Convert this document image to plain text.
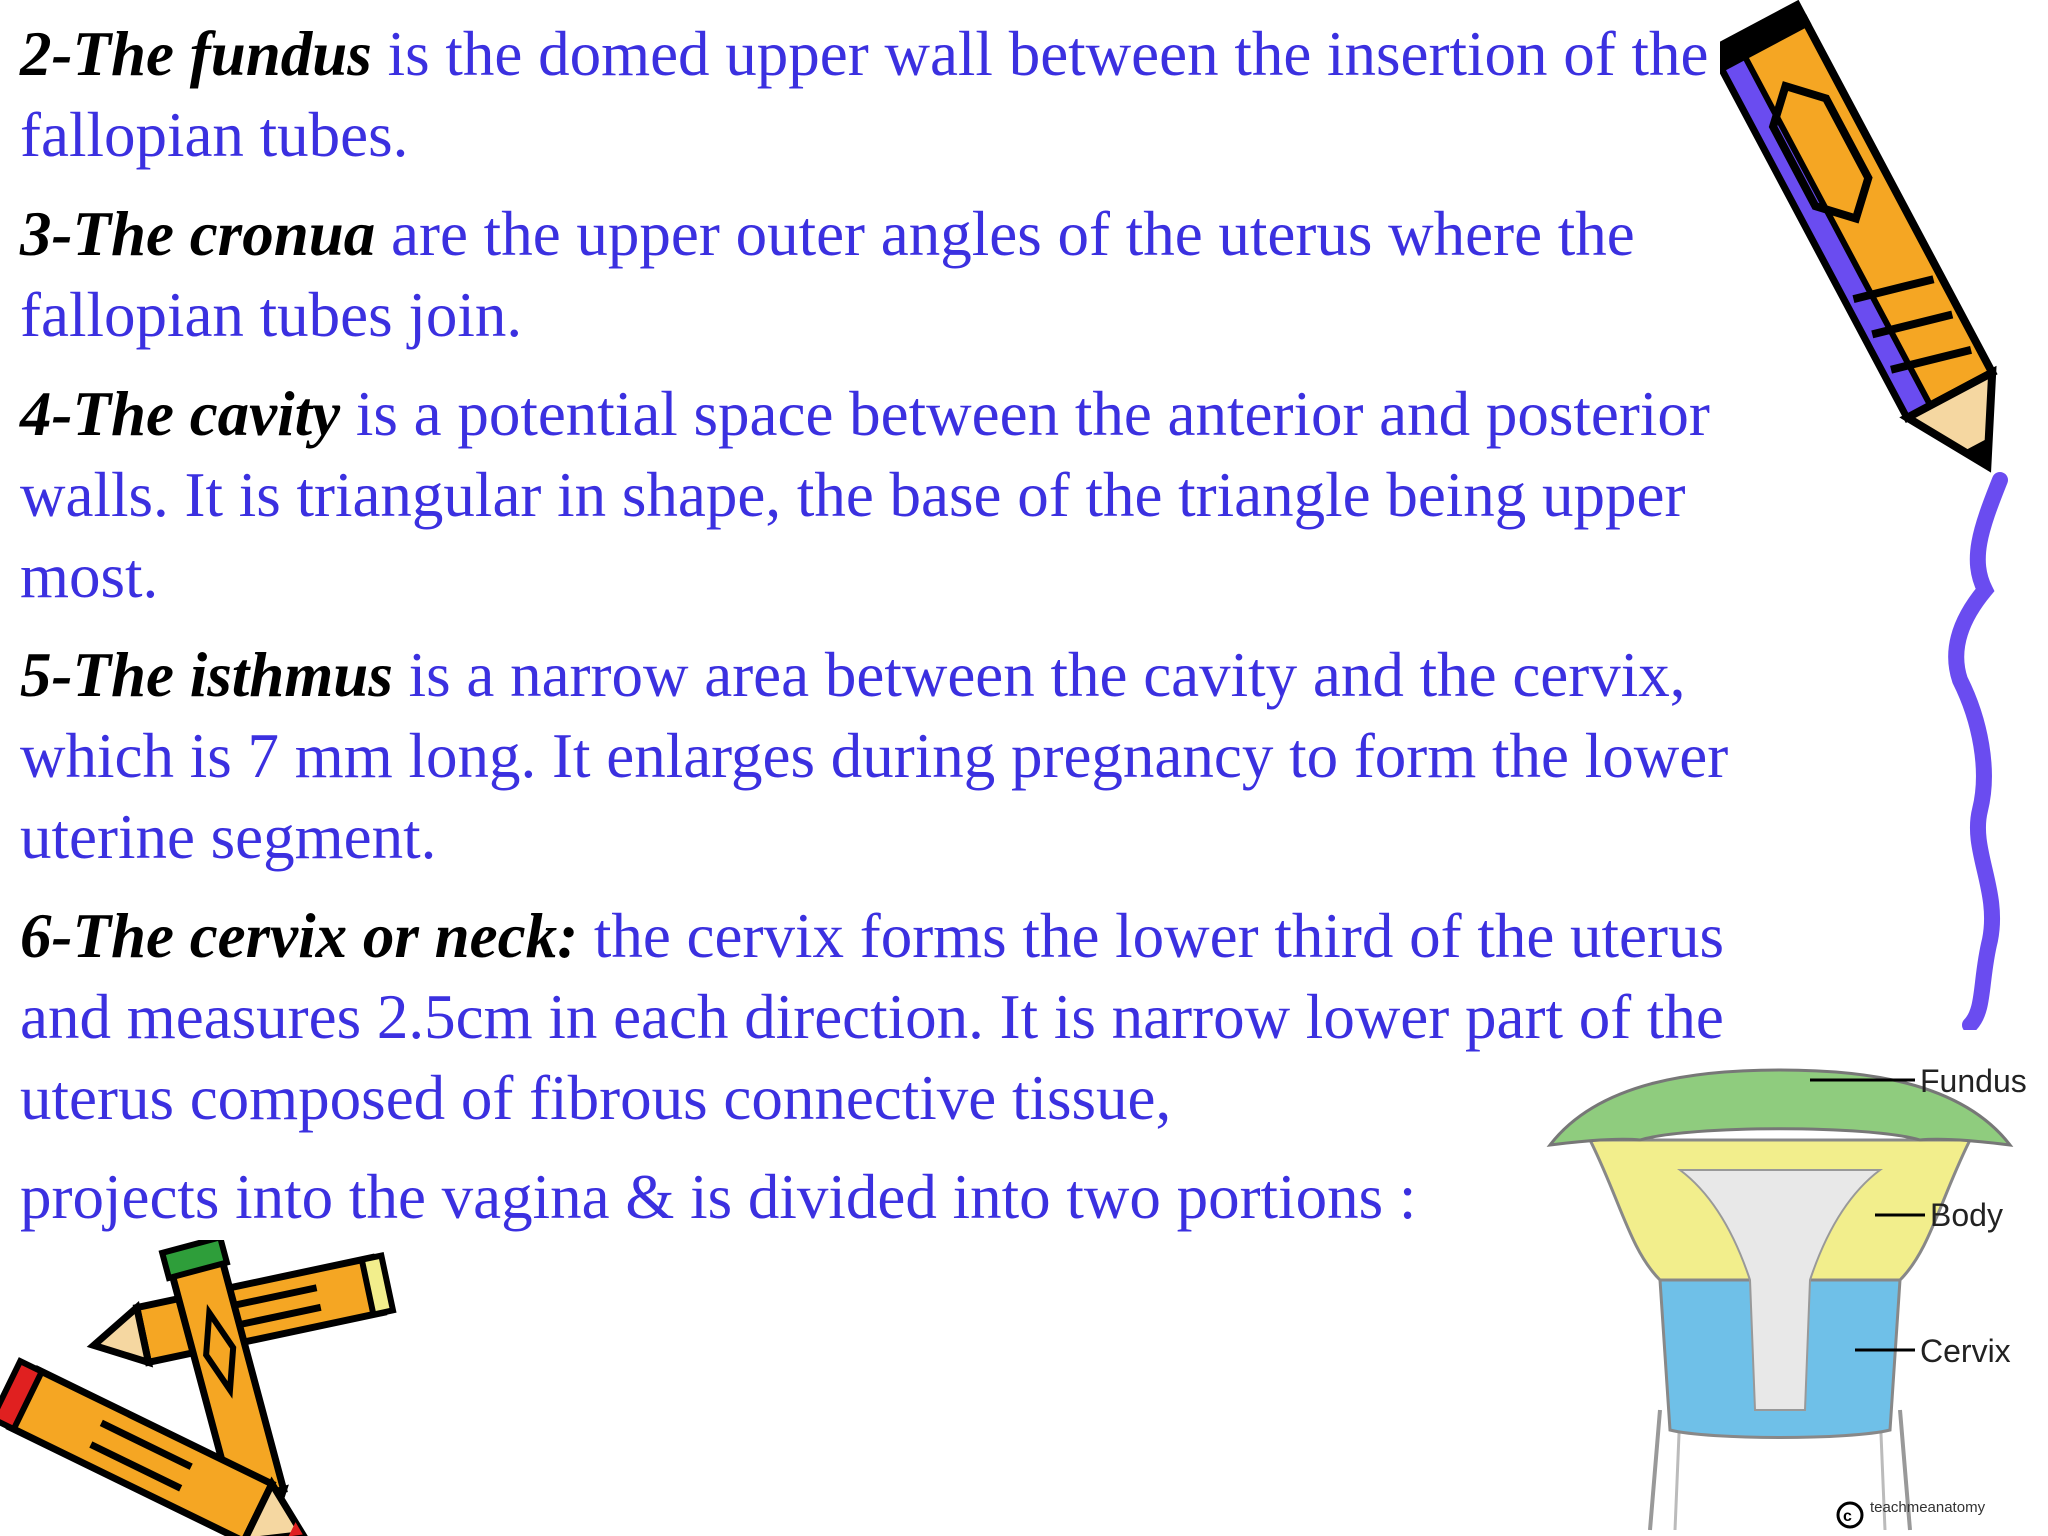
2-The fundus is the domed upper wall between the insertion of the fallopian tubes.

3-The cronua are the upper outer angles of the uterus where the fallopian tubes join.

4-The cavity is a potential space between the anterior and posterior walls. It is triangular in shape, the base of the triangle being upper most.

5-The isthmus is a narrow area between the cavity and the cervix, which is 7 mm long. It enlarges during pregnancy to form the lower uterine segment.

6-The cervix or neck: the cervix forms the lower third of the uterus and measures 2.5cm in each direction. It is narrow lower part of the uterus composed of fibrous connective tissue,

projects into the vagina & is divided into two portions :

Fundus
Body
Cervix
c
teachmeanatomy
